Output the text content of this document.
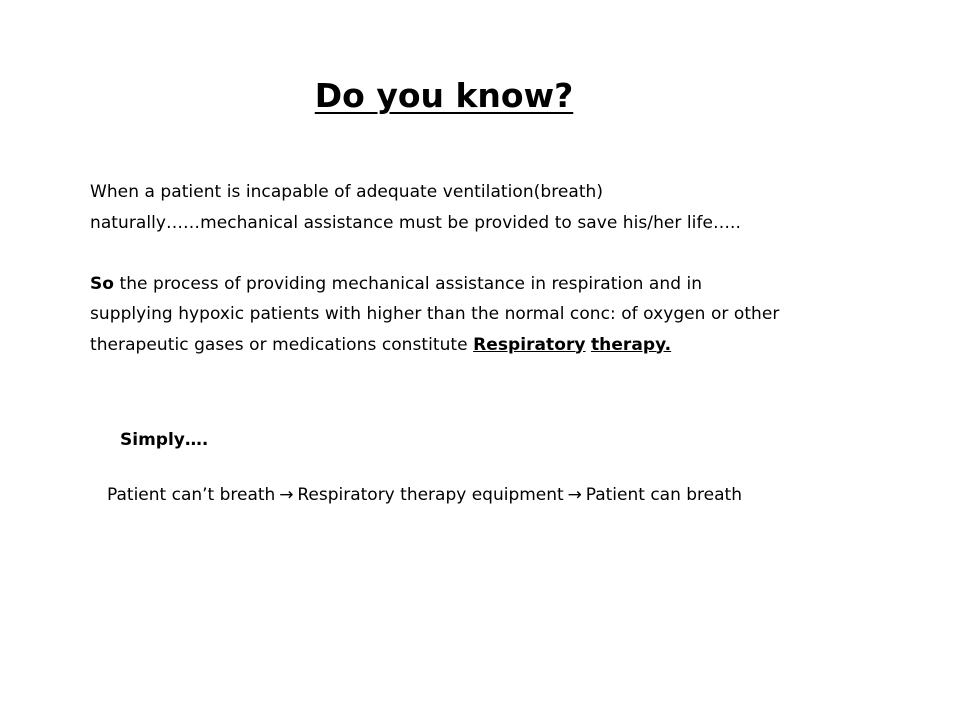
Do you know?
When a patient is incapable of adequate ventilation(breath)
naturally……mechanical assistance must be provided to save his/her life…..
So the process of providing mechanical assistance in respiration and in
supplying hypoxic patients with higher than the normal conc: of oxygen or other
therapeutic gases or medications constitute Respiratory therapy.
Simply….
Patient can’t breath → Respiratory therapy equipment → Patient can breath
